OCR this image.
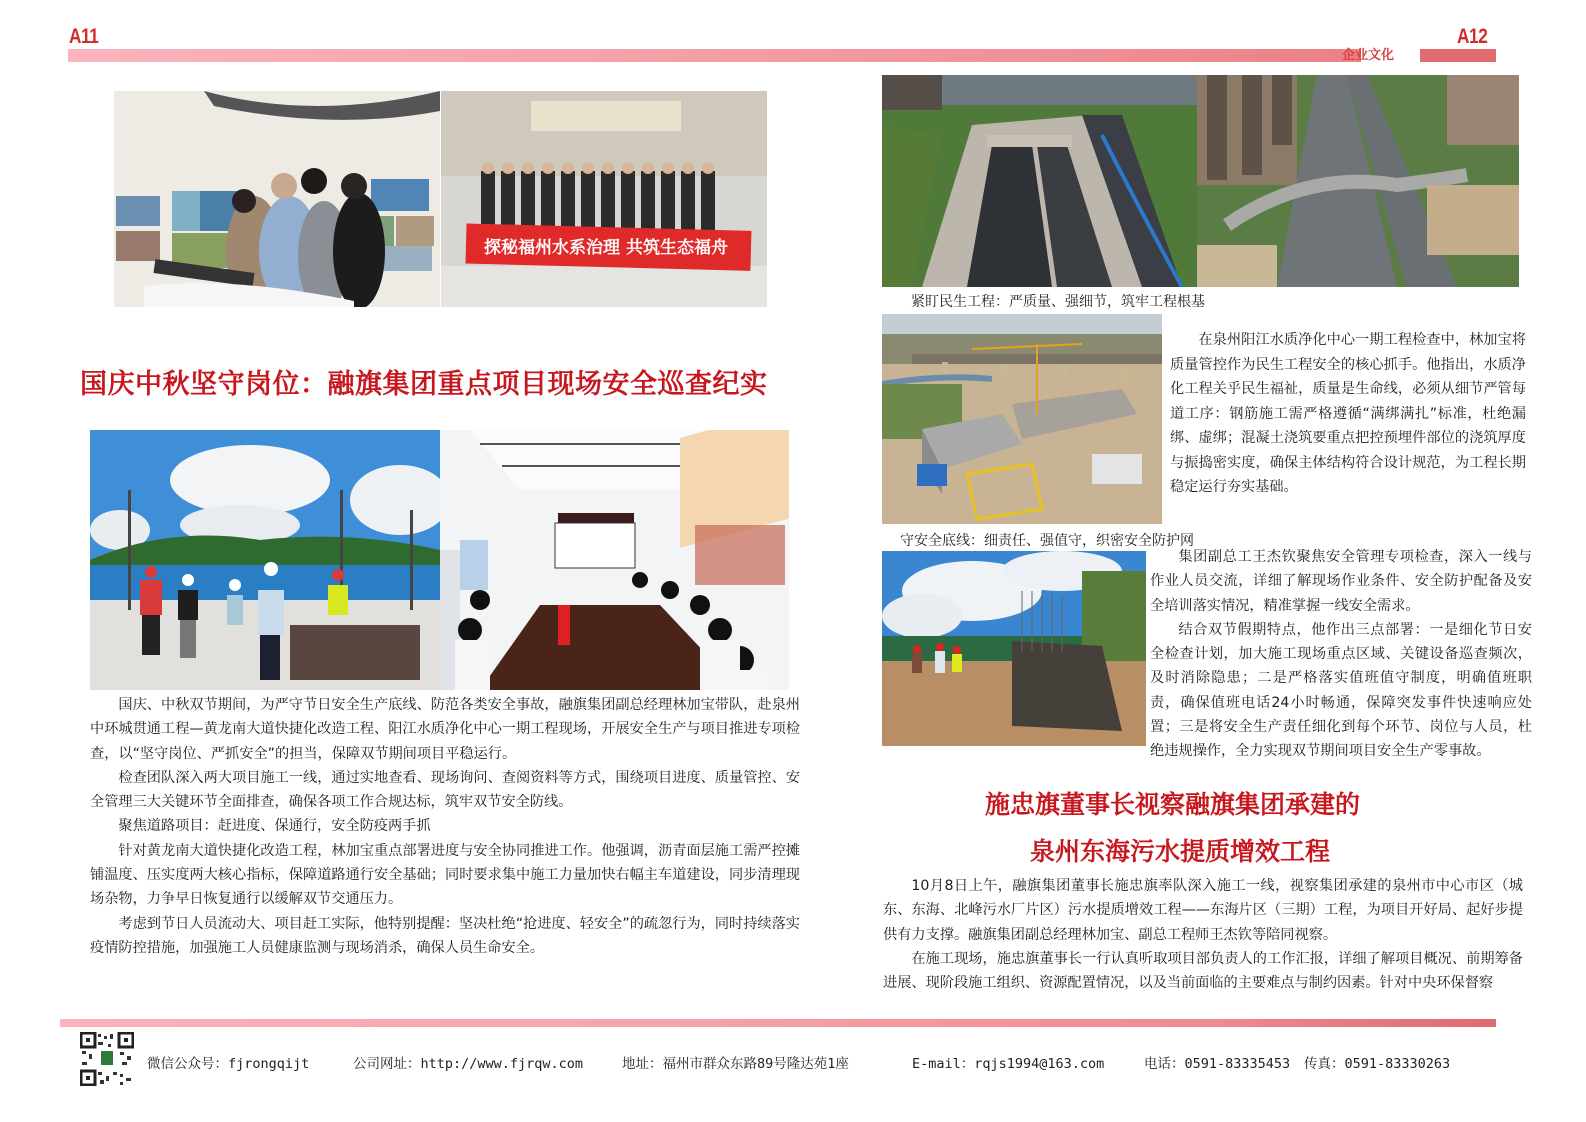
A11	A12
企业文化
探秘福州水系治理 共筑生态福舟
国庆中秋坚守岗位：融旗集团重点项目现场安全巡查纪实

国庆、中秋双节期间，为严守节日安全生产底线、防范各类安全事故，融旗集团副总经理林加宝带队，赴泉州中环城贯通工程—黄龙南大道快捷化改造工程、阳江水质净化中心一期工程现场，开展安全生产与项目推进专项检查，以“坚守岗位、严抓安全”的担当，保障双节期间项目平稳运行。

检查团队深入两大项目施工一线，通过实地查看、现场询问、查阅资料等方式，围绕项目进度、质量管控、安全管理三大关键环节全面排查，确保各项工作合规达标，筑牢双节安全防线。

聚焦道路项目：赶进度、保通行，安全防疫两手抓

针对黄龙南大道快捷化改造工程，林加宝重点部署进度与安全协同推进工作。他强调，沥青面层施工需严控摊铺温度、压实度两大核心指标，保障道路通行安全基础；同时要求集中施工力量加快右幅主车道建设，同步清理现场杂物，力争早日恢复通行以缓解双节交通压力。

考虑到节日人员流动大、项目赶工实际，他特别提醒：坚决杜绝“抢进度、轻安全”的疏忽行为，同时持续落实疫情防控措施，加强施工人员健康监测与现场消杀，确保人员生命安全。

紧盯民生工程：严质量、强细节，筑牢工程根基

在泉州阳江水质净化中心一期工程检查中，林加宝将质量管控作为民生工程安全的核心抓手。他指出，水质净化工程关乎民生福祉，质量是生命线，必须从细节严管每道工序：钢筋施工需严格遵循“满绑满扎”标准，杜绝漏绑、虚绑；混凝土浇筑要重点把控预埋件部位的浇筑厚度与振捣密实度，确保主体结构符合设计规范，为工程长期稳定运行夯实基础。

守安全底线：细责任、强值守，织密安全防护网

集团副总工王杰钦聚焦安全管理专项检查，深入一线与作业人员交流，详细了解现场作业条件、安全防护配备及安全培训落实情况，精准掌握一线安全需求。

结合双节假期特点，他作出三点部署：一是细化节日安全检查计划，加大施工现场重点区域、关键设备巡查频次，及时消除隐患；二是严格落实值班值守制度，明确值班职责，确保值班电话24小时畅通，保障突发事件快速响应处置；三是将安全生产责任细化到每个环节、岗位与人员，杜绝违规操作，全力实现双节期间项目安全生产零事故。

施忠旗董事长视察融旗集团承建的
泉州东海污水提质增效工程

10月8日上午，融旗集团董事长施忠旗率队深入施工一线，视察集团承建的泉州市中心市区（城东、东海、北峰污水厂片区）污水提质增效工程——东海片区（三期）工程，为项目开好局、起好步提供有力支撑。融旗集团副总经理林加宝、副总工程师王杰钦等陪同视察。

在施工现场，施忠旗董事长一行认真听取项目部负责人的工作汇报，详细了解项目概况、前期筹备进展、现阶段施工组织、资源配置情况，以及当前面临的主要难点与制约因素。针对中央环保督察

微信公众号：fjrongqijt	公司网址：http://www.fjrqw.com	地址：福州市群众东路89号隆达苑1座	E-mail：rqjs1994@163.com	电话：0591-83335453	传真：0591-83330263
